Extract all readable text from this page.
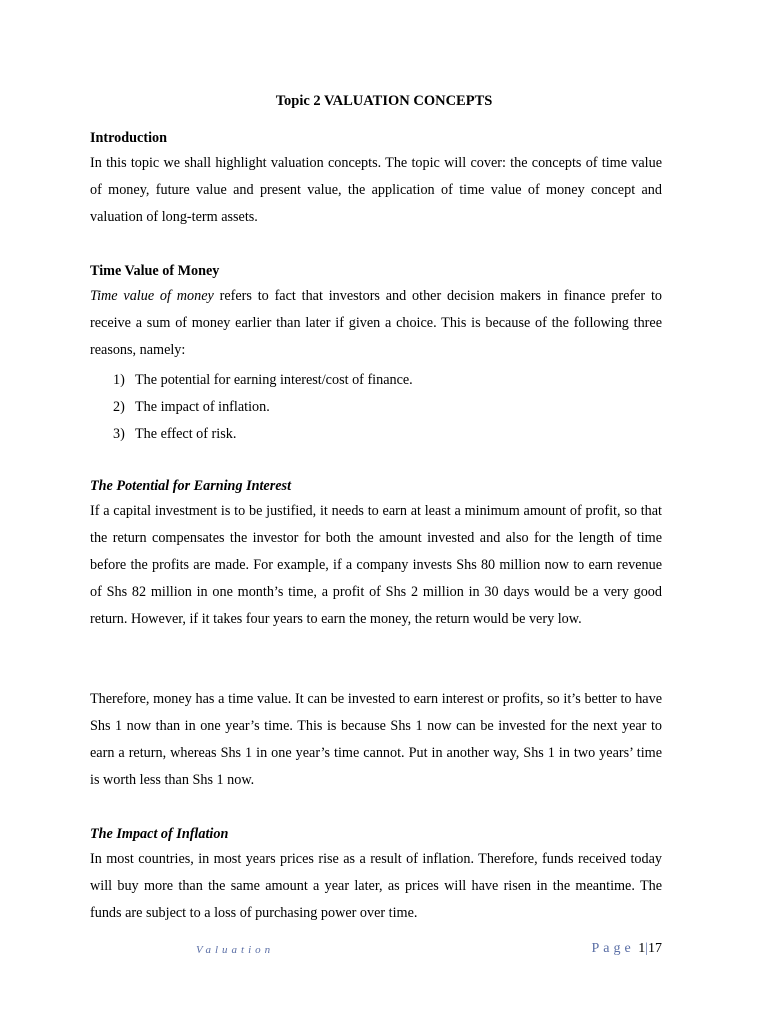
Topic 2 VALUATION CONCEPTS
Introduction

In this topic we shall highlight valuation concepts. The topic will cover: the concepts of time value of money, future value and present value, the application of time value of money concept and valuation of long-term assets.

Time Value of Money

Time value of money refers to fact that investors and other decision makers in finance prefer to receive a sum of money earlier than later if given a choice. This is because of the following three reasons, namely:

1) The potential for earning interest/cost of finance.
2) The impact of inflation.
3) The effect of risk.
The Potential for Earning Interest

If a capital investment is to be justified, it needs to earn at least a minimum amount of profit, so that the return compensates the investor for both the amount invested and also for the length of time before the profits are made. For example, if a company invests Shs 80 million now to earn revenue of Shs 82 million in one month’s time, a profit of Shs 2 million in 30 days would be a very good return. However, if it takes four years to earn the money, the return would be very low.

Therefore, money has a time value. It can be invested to earn interest or profits, so it’s better to have Shs 1 now than in one year’s time. This is because Shs 1 now can be invested for the next year to earn a return, whereas Shs 1 in one year’s time cannot. Put in another way, Shs 1 in two years’ time is worth less than Shs 1 now.

The Impact of Inflation

In most countries, in most years prices rise as a result of inflation. Therefore, funds received today will buy more than the same amount a year later, as prices will have risen in the meantime. The funds are subject to a loss of purchasing power over time.

Valuation	Page 1|17
